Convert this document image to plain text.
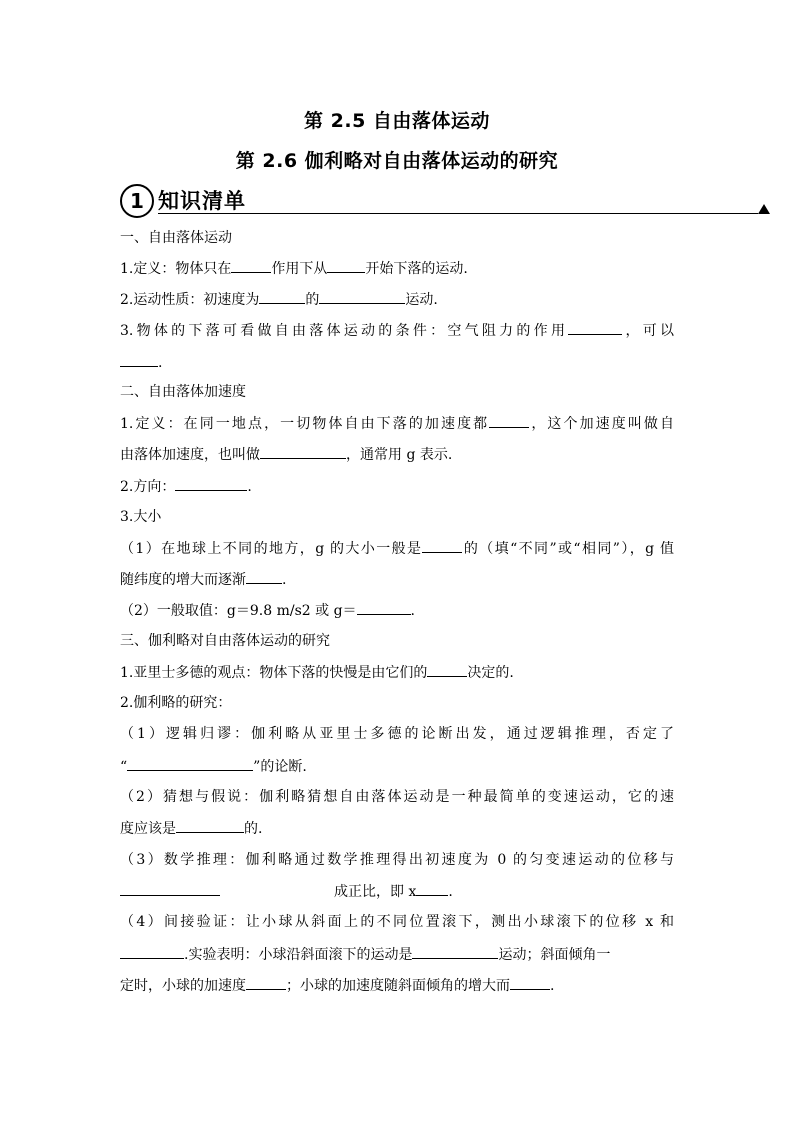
第 2.5 自由落体运动
第 2.6 伽利略对自由落体运动的研究
1 知识清单
一、自由落体运动
1.定义：物体只在	作用下从	开始下落的运动.
2.运动性质：初速度为	的	运动.
3.物体的下落可看做自由落体运动的条件：空气阻力的作用	，可以
.
二、自由落体加速度
1.定义：在同一地点，一切物体自由下落的加速度都	，这个加速度叫做自
由落体加速度，也叫做	，通常用 g 表示.
2.方向：	.
3.大小
（1）在地球上不同的地方，g 的大小一般是	的（填“不同”或“相同”），g 值
随纬度的增大而逐渐	.
（2）一般取值：g＝9.8 m/s2 或 g＝	.
三、伽利略对自由落体运动的研究
1.亚里士多德的观点：物体下落的快慢是由它们的	决定的.
2.伽利略的研究：
（1）逻辑归谬：伽利略从亚里士多德的论断出发，通过逻辑推理，否定了
“	”的论断.
（2）猜想与假说：伽利略猜想自由落体运动是一种最简单的变速运动，它的速
度应该是	的.
（3）数学推理：伽利略通过数学推理得出初速度为 0 的匀变速运动的位移与
成正比，即 x .
（4）间接验证：让小球从斜面上的不同位置滚下，测出小球滚下的位移 x 和
.实验表明：小球沿斜面滚下的运动是	运动；斜面倾角一
定时，小球的加速度	；小球的加速度随斜面倾角的增大而	.
